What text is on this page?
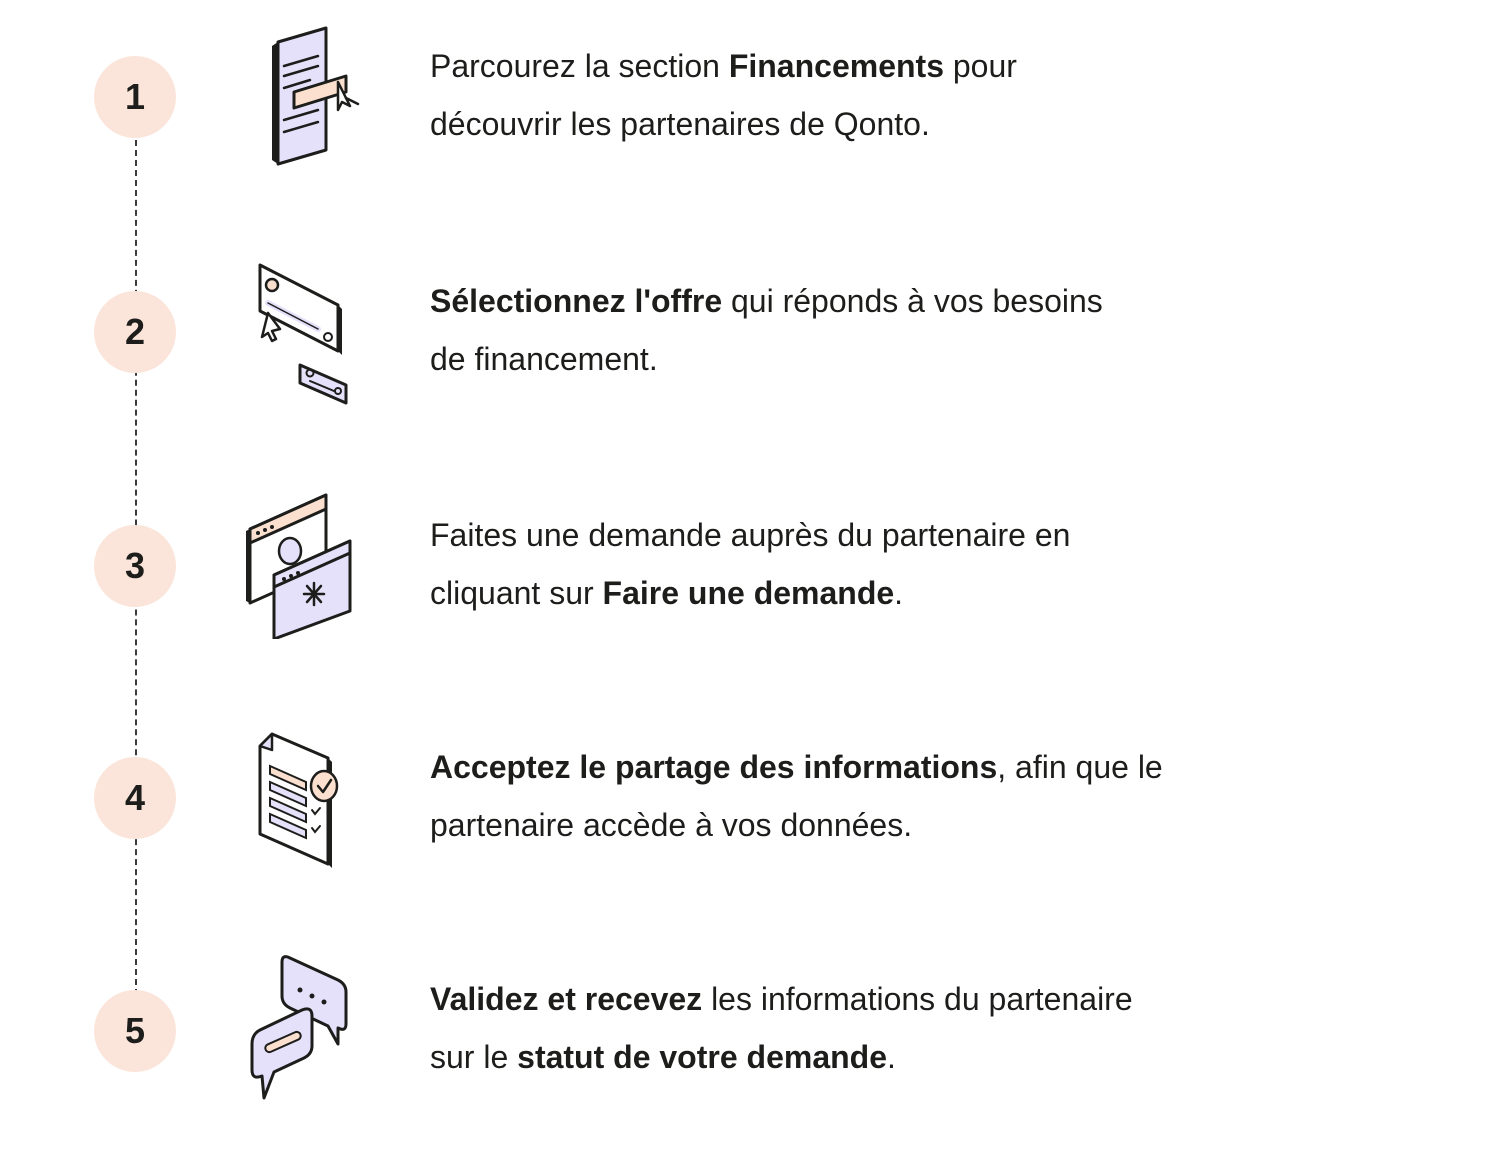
1
Parcourez la section Financements pour
découvrir les partenaires de Qonto.
2
Sélectionnez l'offre qui réponds à vos besoins
de financement.
3
Faites une demande auprès du partenaire en
cliquant sur Faire une demande.
4
Acceptez le partage des informations, afin que le
partenaire accède à vos données.
5
Validez et recevez les informations du partenaire
sur le statut de votre demande.
